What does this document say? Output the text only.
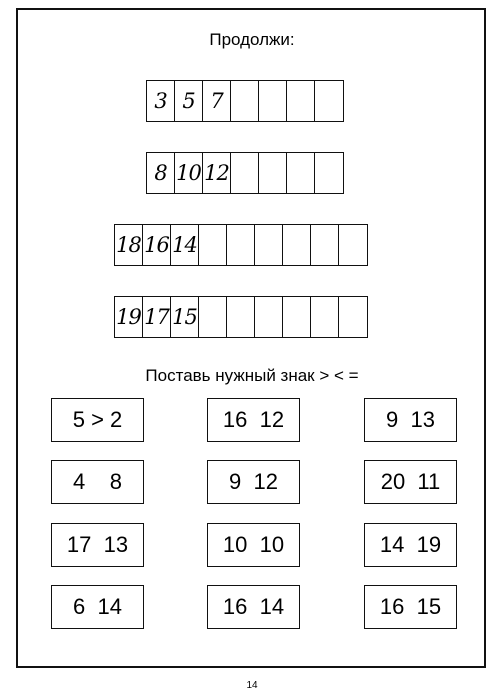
Продолжи:
3 5 7
8 10 12
18 16 14
19 17 15
Поставь нужный знак > < =
5 > 2	16  12	9  13
4    8	9  12	20  11
17  13	10  10	14  19
6  14	16  14	16  15
14
